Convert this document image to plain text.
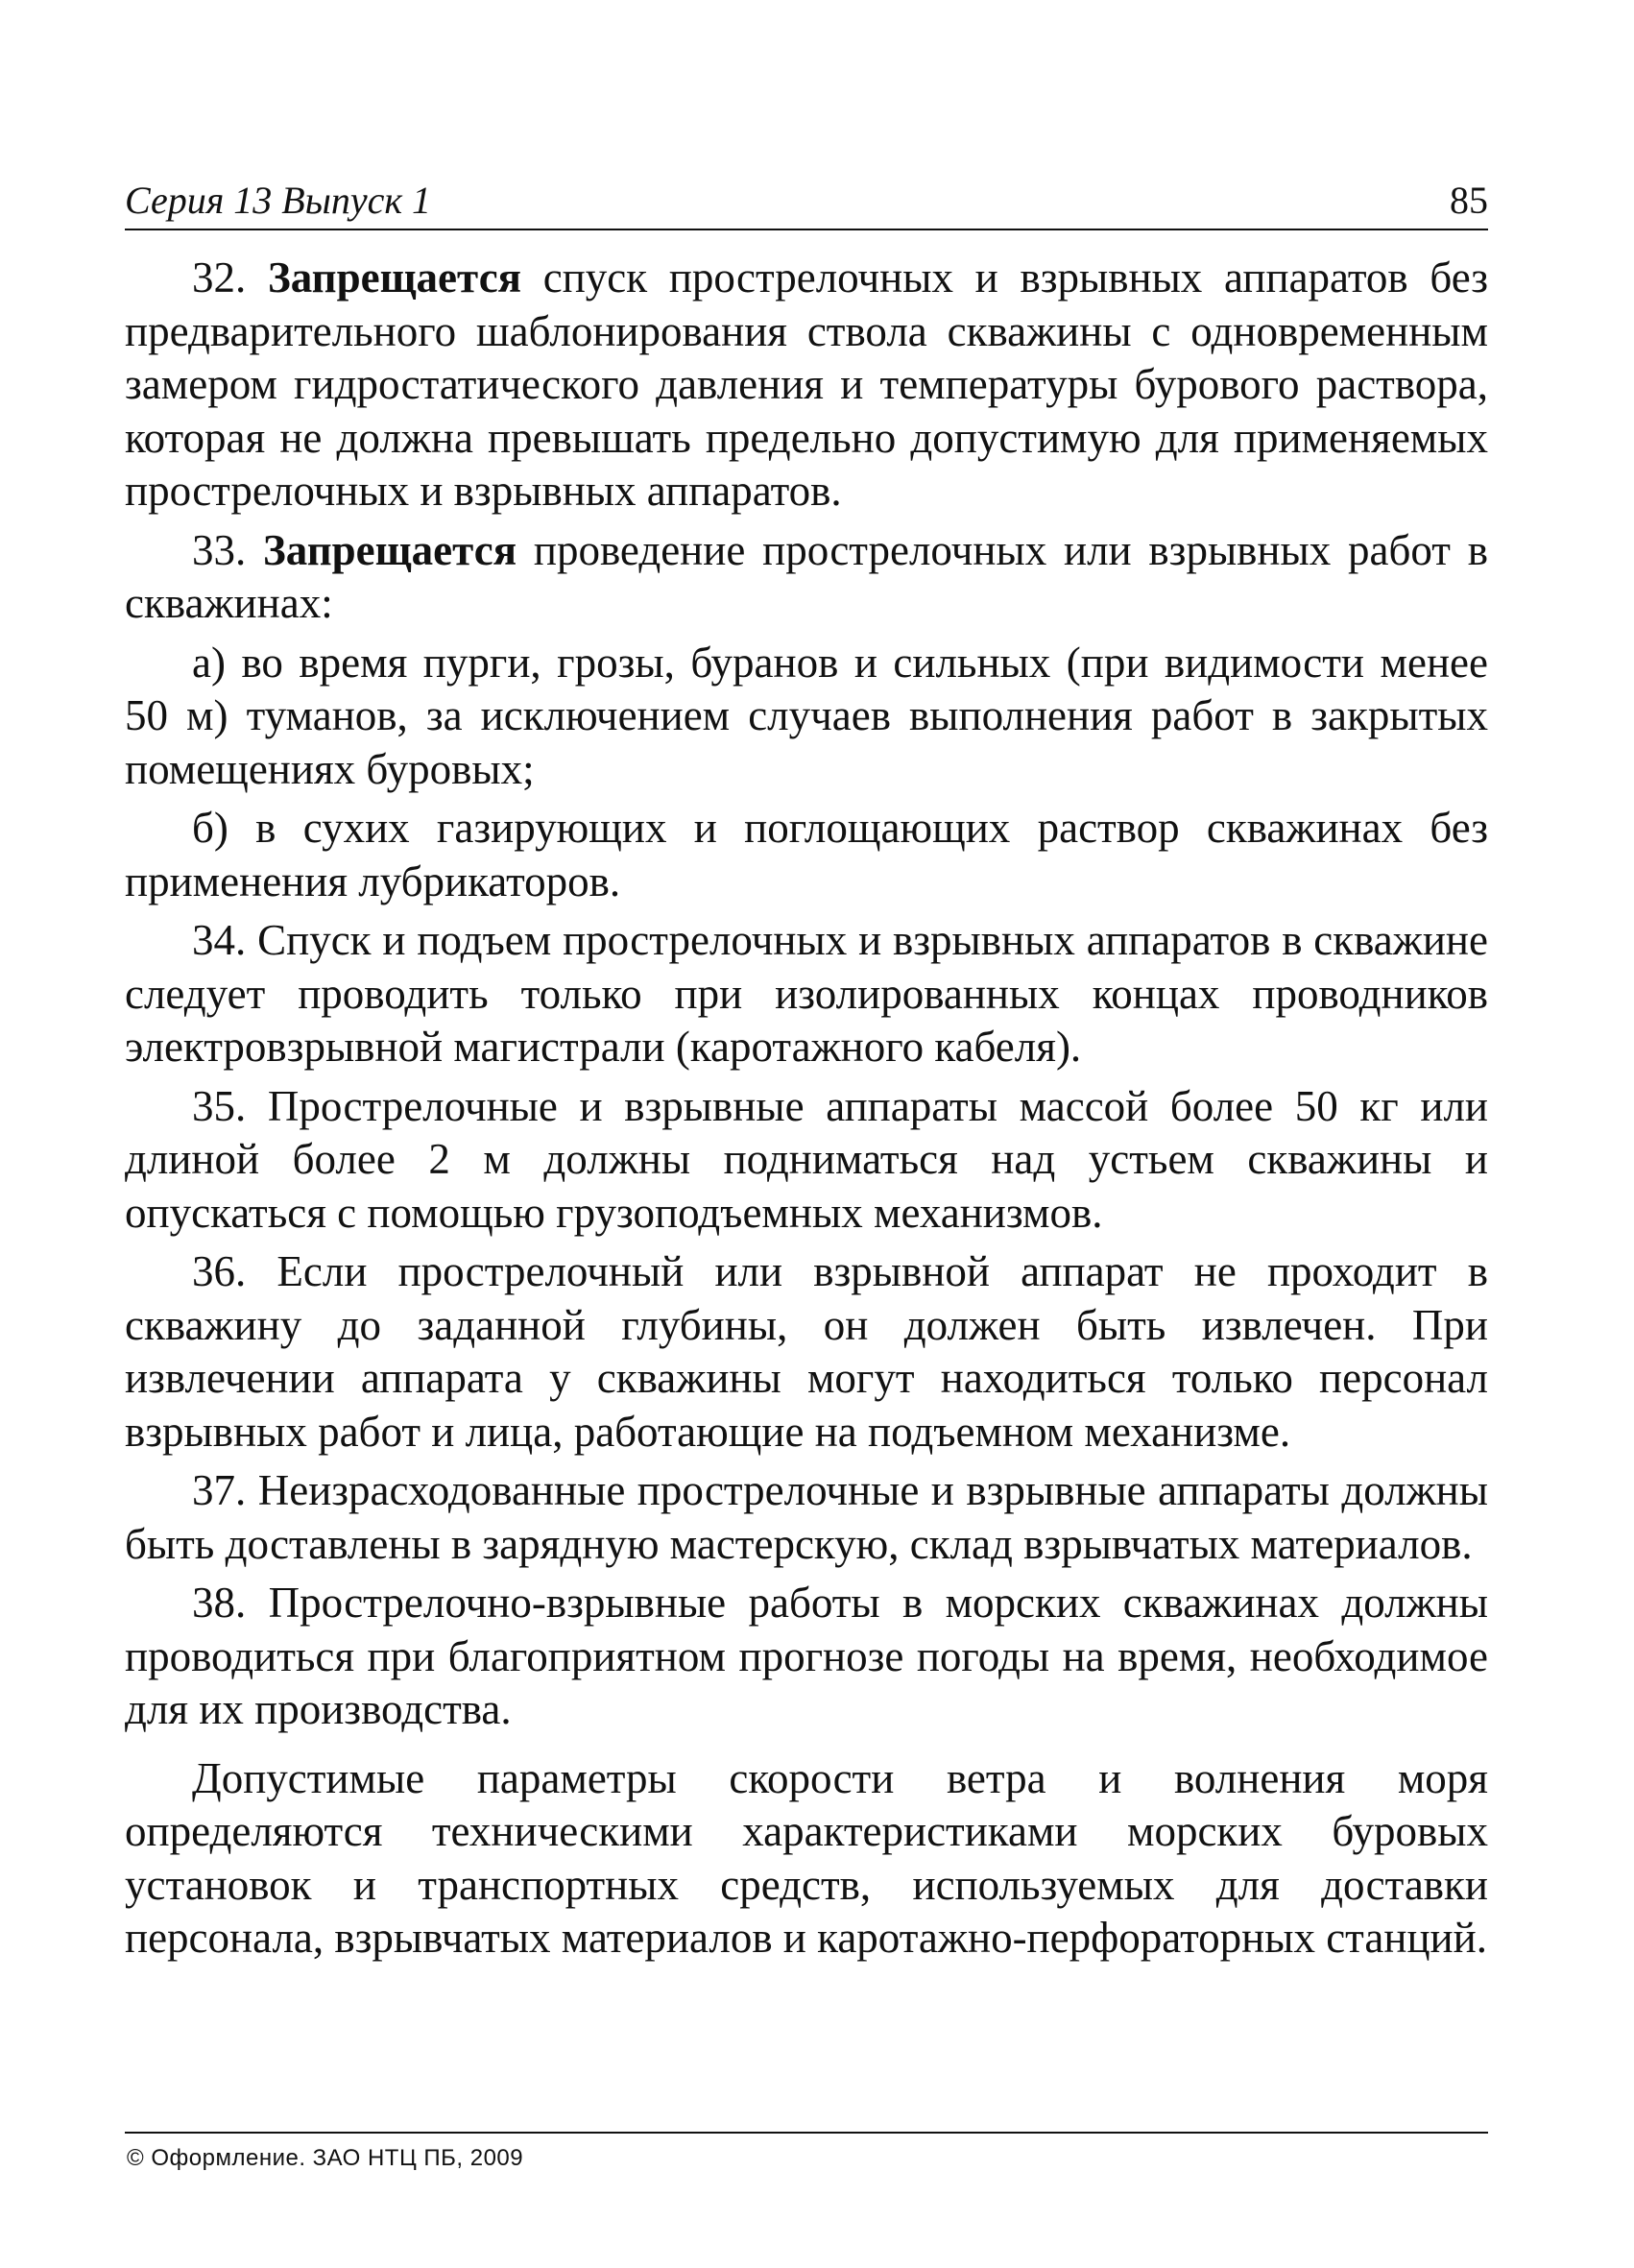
Серия 13 Выпуск 1	85

32. Запрещается спуск прострелочных и взрывных аппаратов без предварительного шаблонирования ствола скважины с одновременным замером гидростатического давления и температуры бурового раствора, которая не должна превышать предельно допустимую для применяемых прострелочных и взрывных аппаратов.

33. Запрещается проведение прострелочных или взрывных работ в скважинах:

а) во время пурги, грозы, буранов и сильных (при видимости менее 50 м) туманов, за исключением случаев выполнения работ в закрытых помещениях буровых;

б) в сухих газирующих и поглощающих раствор скважинах без применения лубрикаторов.

34. Спуск и подъем прострелочных и взрывных аппаратов в скважине следует проводить только при изолированных концах проводников электровзрывной магистрали (каротажного кабеля).

35. Прострелочные и взрывные аппараты массой более 50 кг или длиной более 2 м должны подниматься над устьем скважины и опускаться с помощью грузоподъемных механизмов.

36. Если прострелочный или взрывной аппарат не проходит в скважину до заданной глубины, он должен быть извлечен. При извлечении аппарата у скважины могут находиться только персонал взрывных работ и лица, работающие на подъемном механизме.

37. Неизрасходованные прострелочные и взрывные аппараты должны быть доставлены в зарядную мастерскую, склад взрывчатых материалов.

38. Прострелочно-взрывные работы в морских скважинах должны проводиться при благоприятном прогнозе погоды на время, необходимое для их производства.

Допустимые параметры скорости ветра и волнения моря определяются техническими характеристиками морских буровых установок и транспортных средств, используемых для доставки персонала, взрывчатых материалов и каротажно-перфораторных станций.

© Оформление. ЗАО НТЦ ПБ, 2009
